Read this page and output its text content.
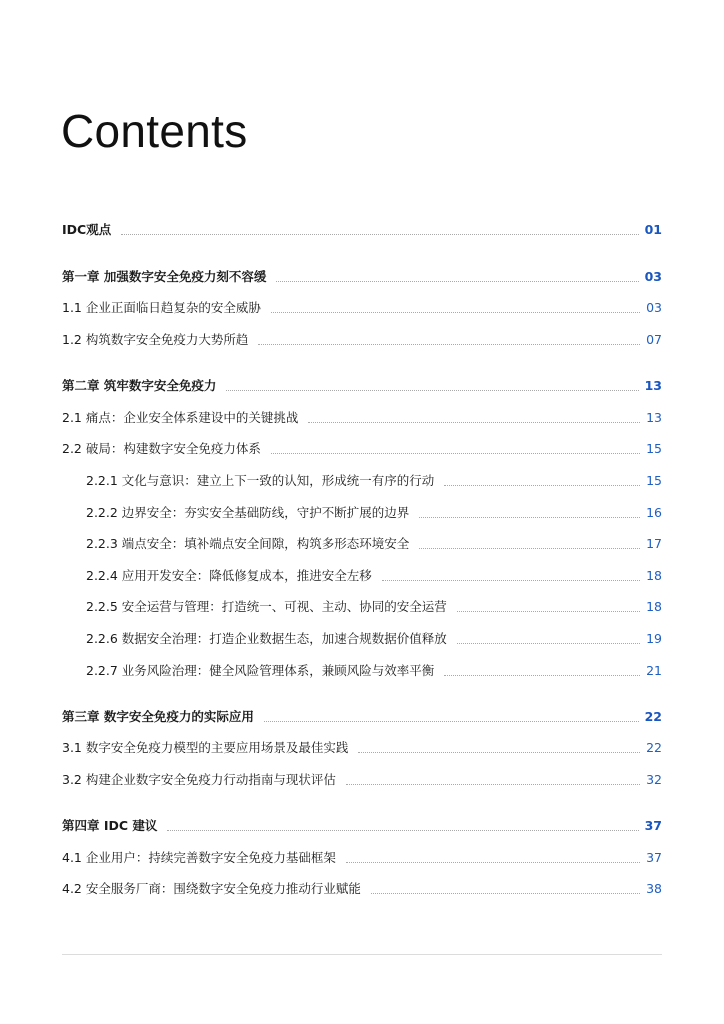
Contents
IDC观点	01
第一章 加强数字安全免疫力刻不容缓	03
1.1 企业正面临日趋复杂的安全威胁	03
1.2 构筑数字安全免疫力大势所趋	07
第二章 筑牢数字安全免疫力	13
2.1 痛点：企业安全体系建设中的关键挑战	13
2.2 破局：构建数字安全免疫力体系	15
2.2.1 文化与意识：建立上下一致的认知，形成统一有序的行动	15
2.2.2 边界安全：夯实安全基础防线，守护不断扩展的边界	16
2.2.3 端点安全：填补端点安全间隙，构筑多形态环境安全	17
2.2.4 应用开发安全：降低修复成本，推进安全左移	18
2.2.5 安全运营与管理：打造统一、可视、主动、协同的安全运营	18
2.2.6 数据安全治理：打造企业数据生态，加速合规数据价值释放	19
2.2.7 业务风险治理：健全风险管理体系，兼顾风险与效率平衡	21
第三章 数字安全免疫力的实际应用	22
3.1 数字安全免疫力模型的主要应用场景及最佳实践	22
3.2 构建企业数字安全免疫力行动指南与现状评估	32
第四章 IDC 建议	37
4.1 企业用户：持续完善数字安全免疫力基础框架	37
4.2 安全服务厂商：围绕数字安全免疫力推动行业赋能	38
